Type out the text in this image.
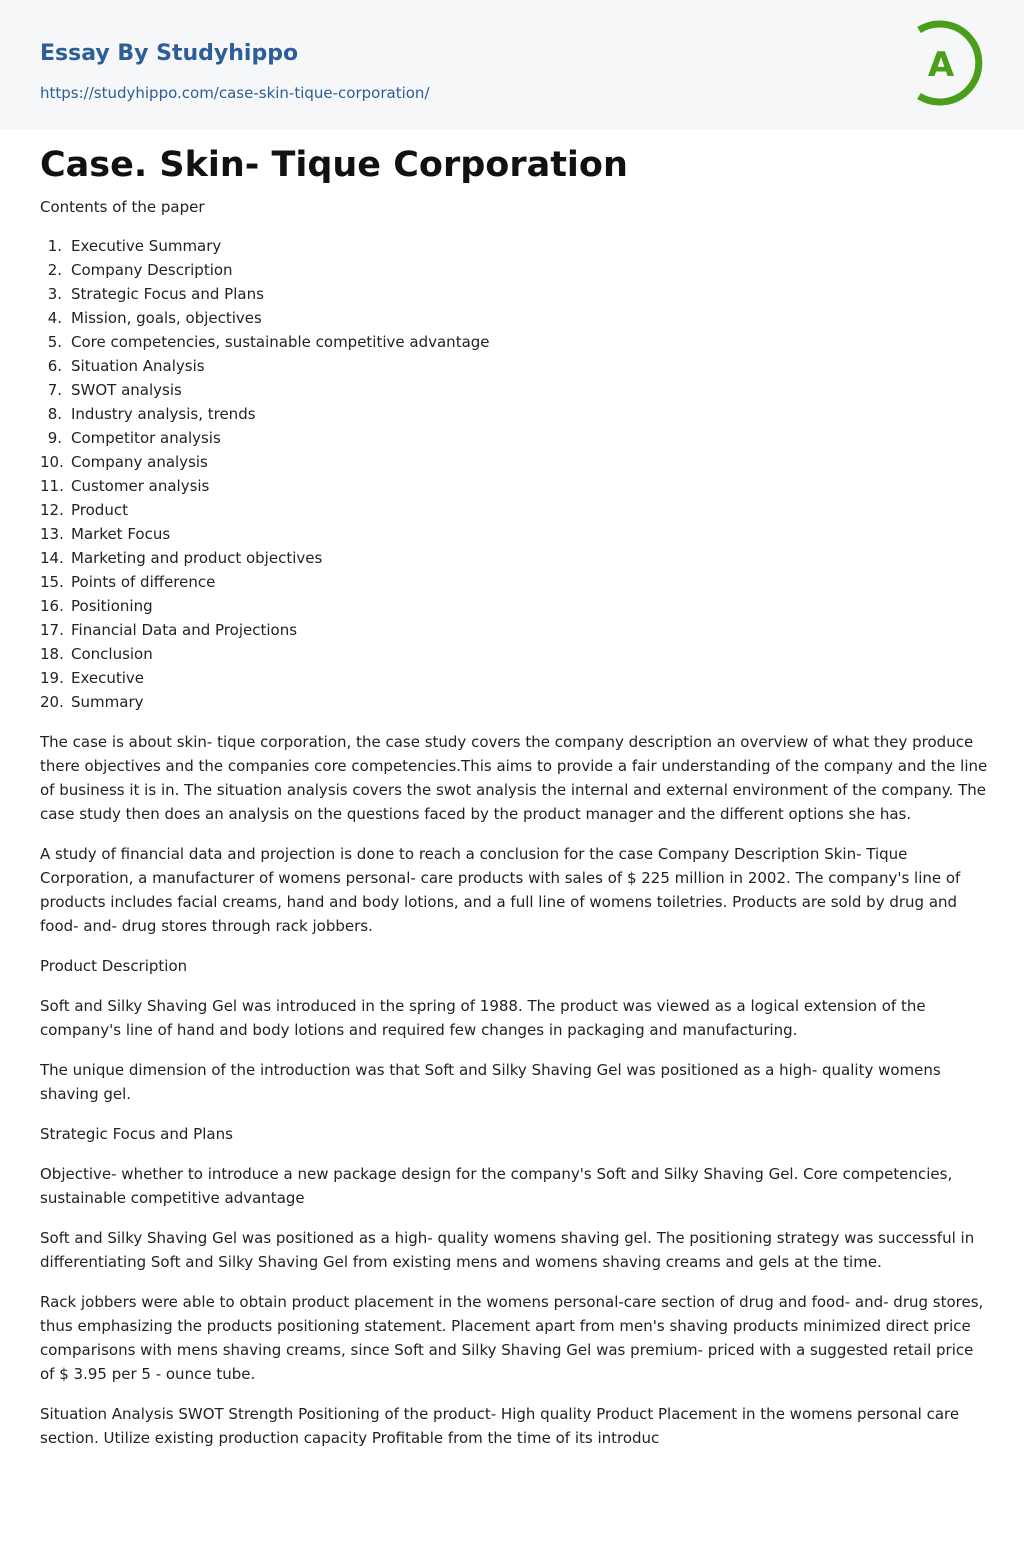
Essay By Studyhippo
https://studyhippo.com/case-skin-tique-corporation/
A
Case. Skin- Tique Corporation
Contents of the paper
1. Executive Summary
2. Company Description
3. Strategic Focus and Plans
4. Mission, goals, objectives
5. Core competencies, sustainable competitive advantage
6. Situation Analysis
7. SWOT analysis
8. Industry analysis, trends
9. Competitor analysis
10. Company analysis
11. Customer analysis
12. Product
13. Market Focus
14. Marketing and product objectives
15. Points of difference
16. Positioning
17. Financial Data and Projections
18. Conclusion
19. Executive
20. Summary

The case is about skin- tique corporation, the case study covers the company description an overview of what they produce there objectives and the companies core competencies.This aims to provide a fair understanding of the company and the line of business it is in. The situation analysis covers the swot analysis the internal and external environment of the company. The case study then does an analysis on the questions faced by the product manager and the different options she has.

A study of financial data and projection is done to reach a conclusion for the case Company Description Skin- Tique Corporation, a manufacturer of womens personal- care products with sales of $ 225 million in 2002. The company's line of products includes facial creams, hand and body lotions, and a full line of womens toiletries. Products are sold by drug and food- and- drug stores through rack jobbers.

Product Description

Soft and Silky Shaving Gel was introduced in the spring of 1988. The product was viewed as a logical extension of the company's line of hand and body lotions and required few changes in packaging and manufacturing.

The unique dimension of the introduction was that Soft and Silky Shaving Gel was positioned as a high- quality womens shaving gel.

Strategic Focus and Plans

Objective- whether to introduce a new package design for the company's Soft and Silky Shaving Gel. Core competencies, sustainable competitive advantage

Soft and Silky Shaving Gel was positioned as a high- quality womens shaving gel. The positioning strategy was successful in differentiating Soft and Silky Shaving Gel from existing mens and womens shaving creams and gels at the time.

Rack jobbers were able to obtain product placement in the womens personal-care section of drug and food- and- drug stores, thus emphasizing the products positioning statement. Placement apart from men's shaving products minimized direct price comparisons with mens shaving creams, since Soft and Silky Shaving Gel was premium- priced with a suggested retail price of $ 3.95 per 5 - ounce tube.

Situation Analysis SWOT Strength Positioning of the product- High quality Product Placement in the womens personal care section. Utilize existing production capacity Profitable from the time of its introduc
